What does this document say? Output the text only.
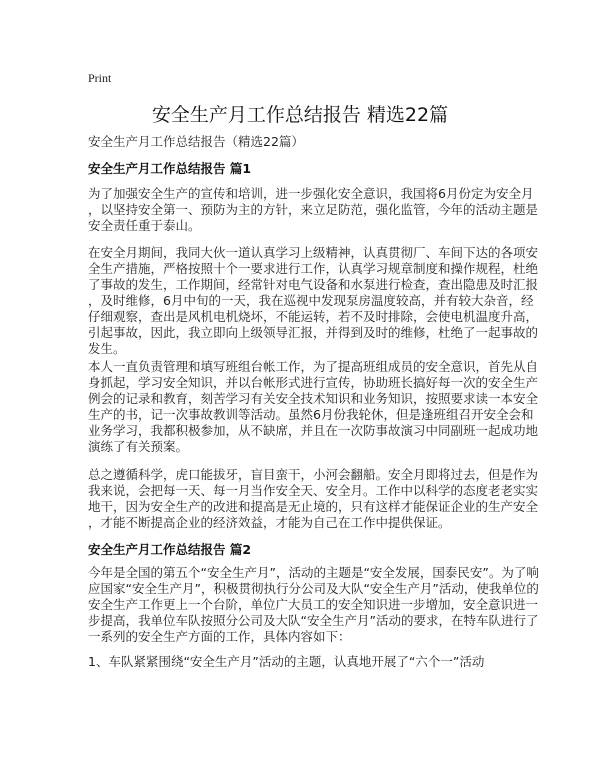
Print
安全生产月工作总结报告 精选22篇
安全生产月工作总结报告（精选22篇）
安全生产月工作总结报告 篇1
为了加强安全生产的宣传和培训，进一步强化安全意识，我国将6月份定为安全月
，以坚持安全第一、预防为主的方针，来立足防范，强化监管，今年的活动主题是
安全责任重于泰山。
在安全月期间，我同大伙一道认真学习上级精神，认真贯彻厂、车间下达的各项安
全生产措施，严格按照十个一要求进行工作，认真学习规章制度和操作规程，杜绝
了事故的发生，工作期间，经常针对电气设备和水泵进行检查，查出隐患及时汇报
，及时维修，6月中旬的一天，我在巡视中发现泵房温度较高，并有较大杂音，经
仔细观察，查出是风机电机烧坏，不能运转，若不及时排除，会使电机温度升高，
引起事故，因此，我立即向上级领导汇报，并得到及时的维修，杜绝了一起事故的
发生。
本人一直负责管理和填写班组台帐工作，为了提高班组成员的安全意识，首先从自
身抓起，学习安全知识，并以台帐形式进行宣传，协助班长搞好每一次的安全生产
例会的记录和教育，刻苦学习有关安全技术知识和业务知识，按照要求读一本安全
生产的书，记一次事故教训等活动。虽然6月份我轮休，但是逢班组召开安全会和
业务学习，我都积极参加，从不缺席，并且在一次防事故演习中同副班一起成功地
演练了有关预案。
总之遵循科学，虎口能拔牙，盲目蛮干，小河会翻船。安全月即将过去，但是作为
我来说，会把每一天、每一月当作安全天、安全月。工作中以科学的态度老老实实
地干，因为安全生产的改进和提高是无止境的，只有这样才能保证企业的生产安全
，才能不断提高企业的经济效益，才能为自己在工作中提供保证。
安全生产月工作总结报告 篇2
今年是全国的第五个“安全生产月”，活动的主题是“安全发展，国泰民安”。为了响
应国家“安全生产月”，积极贯彻执行分公司及大队“安全生产月”活动，使我单位的
安全生产工作更上一个台阶，单位广大员工的安全知识进一步增加，安全意识进一
步提高，我单位车队按照分公司及大队“安全生产月”活动的要求，在特车队进行了
一系列的安全生产方面的工作，具体内容如下：
1、车队紧紧围绕“安全生产月”活动的主题，认真地开展了“六个一”活动
